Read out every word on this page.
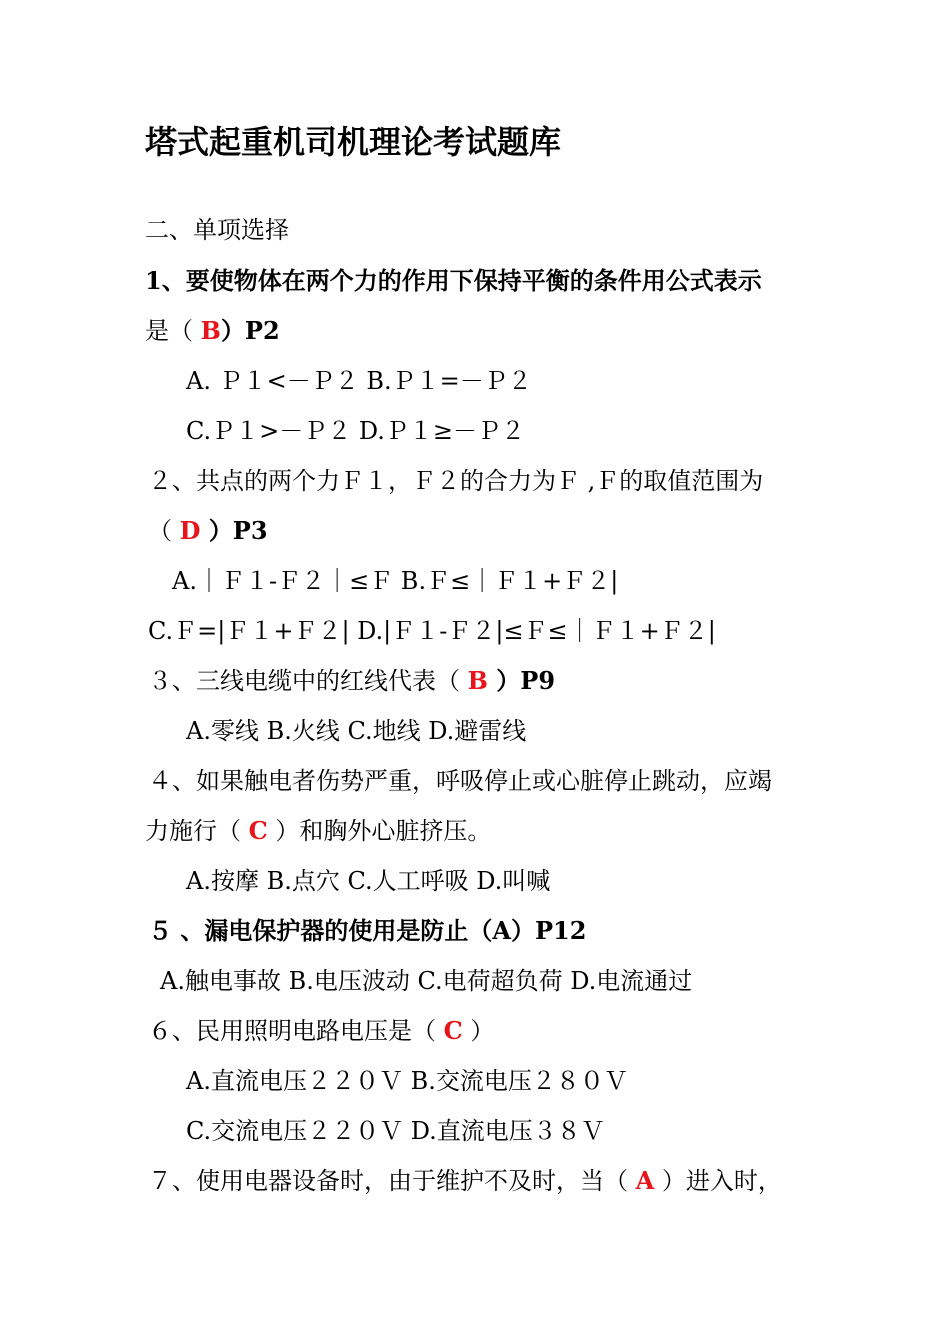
塔式起重机司机理论考试题库
二、单项选择
1、要使物体在两个力的作用下保持平衡的条件用公式表示
是（ B）P2
A. Ｐ１<－Ｐ２ B.Ｐ１=－Ｐ２
C.Ｐ１>－Ｐ２ D.Ｐ１≥－Ｐ２
２、共点的两个力Ｆ１，Ｆ２的合力为Ｆ ,Ｆ的取值范围为
（ D ）P3
A.｜Ｆ１-Ｆ２｜≤Ｆ B.Ｆ≤｜Ｆ１+Ｆ２|
C.Ｆ=|Ｆ１+Ｆ２| D.|Ｆ１-Ｆ２|≤Ｆ≤｜Ｆ１+Ｆ２|
３、三线电缆中的红线代表（ B ）P9
A.零线 B.火线 C.地线 D.避雷线
４、如果触电者伤势严重，呼吸停止或心脏停止跳动，应竭
力施行（ C ）和胸外心脏挤压。
A.按摩 B.点穴 C.人工呼吸 D.叫喊
５ 、漏电保护器的使用是防止（A）P12
A.触电事故 B.电压波动 C.电荷超负荷 D.电流通过
６、民用照明电路电压是（ C ）
A.直流电压２２０Ｖ B.交流电压２８０Ｖ
C.交流电压２２０Ｖ D.直流电压３８Ｖ
７、使用电器设备时，由于维护不及时，当（ A ）进入时，
